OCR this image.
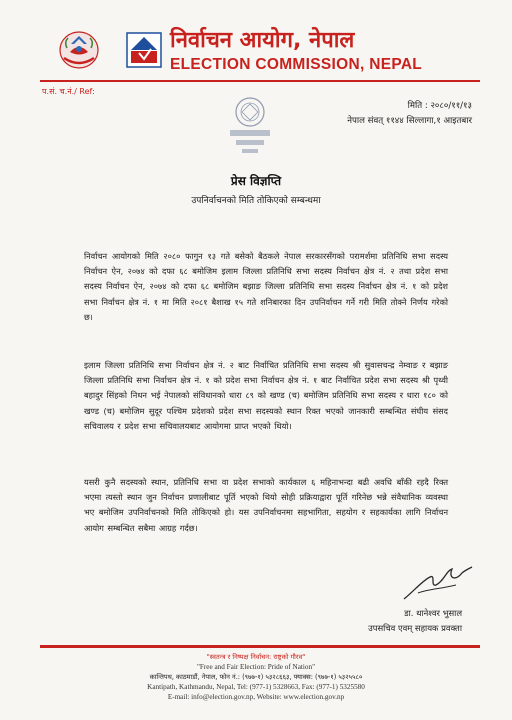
निर्वाचन आयोग, नेपाल
ELECTION COMMISSION, NEPAL
प.सं. च.नं./ Ref:
मिति : २०८०/११/१३
नेपाल संवत् ११४४ सिल्लागा,१ आइतबार
प्रेस विज्ञप्ति
उपनिर्वाचनको मिति तोकिएको सम्बन्धमा
निर्वाचन आयोगको मिति २०८० फागुन १३ गते बसेको बैठकले नेपाल सरकारसँगको परामर्शमा प्रतिनिधि सभा सदस्य निर्वाचन ऐन, २०७४ को दफा ६८ बमोजिम इलाम जिल्ला प्रतिनिधि सभा सदस्य निर्वाचन क्षेत्र नं. २ तथा प्रदेश सभा सदस्य निर्वाचन ऐन, २०७४ को दफा ६८ बमोजिम बझाङ जिल्ला प्रतिनिधि सभा सदस्य निर्वाचन क्षेत्र नं. १ को प्रदेश सभा निर्वाचन क्षेत्र नं. १ मा मिति २०८१ बैशाख १५ गते शनिबारका दिन उपनिर्वाचन गर्ने गरी मिति तोक्ने निर्णय गरेको छ।
इलाम जिल्ला प्रतिनिधि सभा निर्वाचन क्षेत्र नं. २ बाट निर्वाचित प्रतिनिधि सभा सदस्य श्री सुवासचन्द्र नेम्वाङ र बझाङ जिल्ला प्रतिनिधि सभा निर्वाचन क्षेत्र नं. १ को प्रदेश सभा निर्वाचन क्षेत्र नं. १ बाट निर्वाचित प्रदेश सभा सदस्य श्री पृथ्वी बहादुर सिंहको निधन भई नेपालको संविधानको धारा ८९ को खण्ड (च) बमोजिम प्रतिनिधि सभा सदस्य र धारा १८० को खण्ड (च) बमोजिम सुदूर पश्चिम प्रदेशको प्रदेश सभा सदस्यको स्थान रिक्त भएको जानकारी सम्बन्धित संघीय संसद सचिवालय र प्रदेश सभा सचिवालयबाट आयोगमा प्राप्त भएको थियो।
यसरी कुनै सदस्यको स्थान, प्रतिनिधि सभा वा प्रदेश सभाको कार्यकाल ६ महिनाभन्दा बढी अवधि बाँकी रहदै रिक्त भएमा त्यस्तो स्थान जुन निर्वाचन प्रणालीबाट पूर्ति भएको थियो सोही प्रक्रियाद्वारा पूर्ति गरिनेछ भन्ने संवैधानिक व्यवस्था भए बमोजिम उपनिर्वाचनको मिति तोकिएको हो। यस उपनिर्वाचनमा सहभागिता, सहयोग र सहकार्यका लागि निर्वाचन आयोग सम्बन्धित सबैमा आग्रह गर्दछ।
डा. थानेश्वर भुसाल
उपसचिव एवम् सहायक प्रवक्ता
"स्वतन्त्र र निष्पक्ष निर्वाचन: राष्ट्रको गौरव"
"Free and Fair Election: Pride of Nation"
कान्तिपथ, काठमाडौं, नेपाल, फोन नं.: (९७७-१) ५३२८६६३, फ्याक्स: (९७७-१) ५३२५५८०
Kantipath, Kathmandu, Nepal, Tel: (977-1) 5328663, Fax: (977-1) 5325580
E-mail: info@election.gov.np, Website: www.election.gov.np
